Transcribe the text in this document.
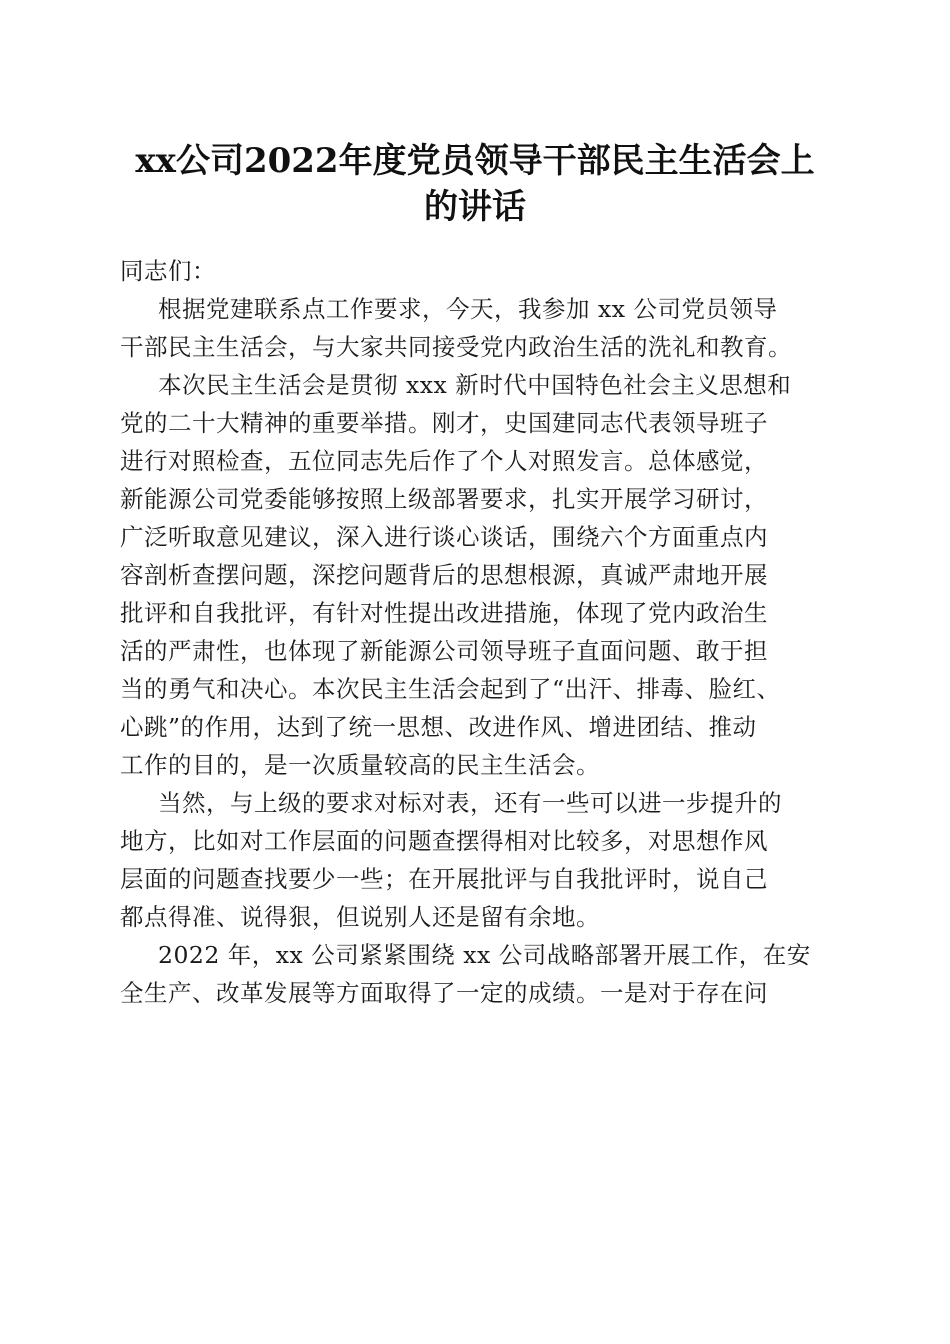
xx公司2022年度党员领导干部民主生活会上
的讲话
同志们：
根据党建联系点工作要求，今天，我参加 xx 公司党员领导
干部民主生活会，与大家共同接受党内政治生活的洗礼和教育。
本次民主生活会是贯彻 xxx 新时代中国特色社会主义思想和
党的二十大精神的重要举措。刚才，史国建同志代表领导班子
进行对照检查，五位同志先后作了个人对照发言。总体感觉，
新能源公司党委能够按照上级部署要求，扎实开展学习研讨，
广泛听取意见建议，深入进行谈心谈话，围绕六个方面重点内
容剖析查摆问题，深挖问题背后的思想根源，真诚严肃地开展
批评和自我批评，有针对性提出改进措施，体现了党内政治生
活的严肃性，也体现了新能源公司领导班子直面问题、敢于担
当的勇气和决心。本次民主生活会起到了“出汗、排毒、脸红、
心跳”的作用，达到了统一思想、改进作风、增进团结、推动
工作的目的，是一次质量较高的民主生活会。
当然，与上级的要求对标对表，还有一些可以进一步提升的
地方，比如对工作层面的问题查摆得相对比较多，对思想作风
层面的问题查找要少一些；在开展批评与自我批评时，说自己
都点得准、说得狠，但说别人还是留有余地。
2022 年，xx 公司紧紧围绕 xx 公司战略部署开展工作，在安
全生产、改革发展等方面取得了一定的成绩。一是对于存在问
